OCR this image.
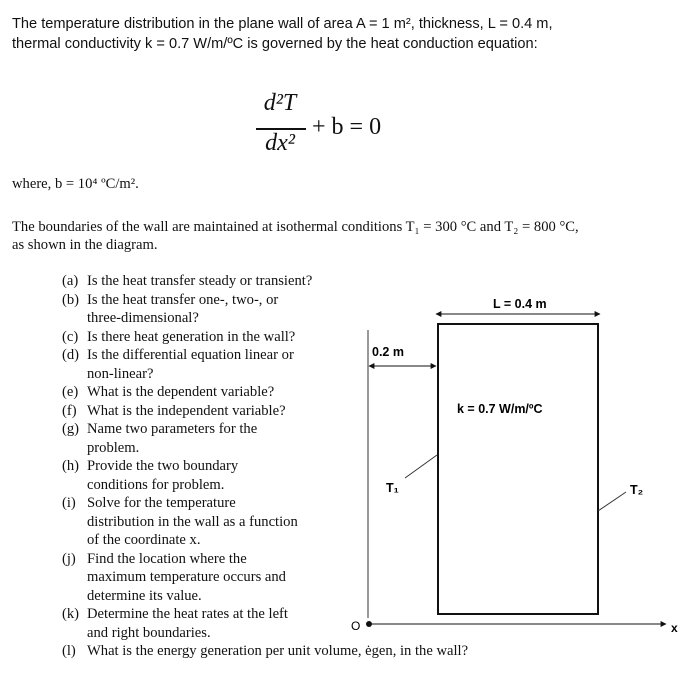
The temperature distribution in the plane wall of area A = 1 m², thickness, L = 0.4 m,
thermal conductivity k = 0.7 W/m/ºC is governed by the heat conduction equation:
d²T
dx²
+ b = 0
where, b = 10⁴ ºC/m².
The boundaries of the wall are maintained at isothermal conditions T₁ = 300 °C and T₂ = 800 °C,
as shown in the diagram.
(a) Is the heat transfer steady or transient?
(b) Is the heat transfer one-, two-, or
three-dimensional?
(c) Is there heat generation in the wall?
(d) Is the differential equation linear or
non-linear?
(e) What is the dependent variable?
(f) What is the independent variable?
(g) Name two parameters for the
problem.
(h) Provide the two boundary
conditions for problem.
(i) Solve for the temperature
distribution in the wall as a function
of the coordinate x.
(j) Find the location where the
maximum temperature occurs and
determine its value.
(k) Determine the heat rates at the left
and right boundaries.
(l) What is the energy generation per unit volume, ėgen, in the wall?
L = 0.4 m
0.2 m
k = 0.7 W/m/ºC
T₁	T₂
O	x
